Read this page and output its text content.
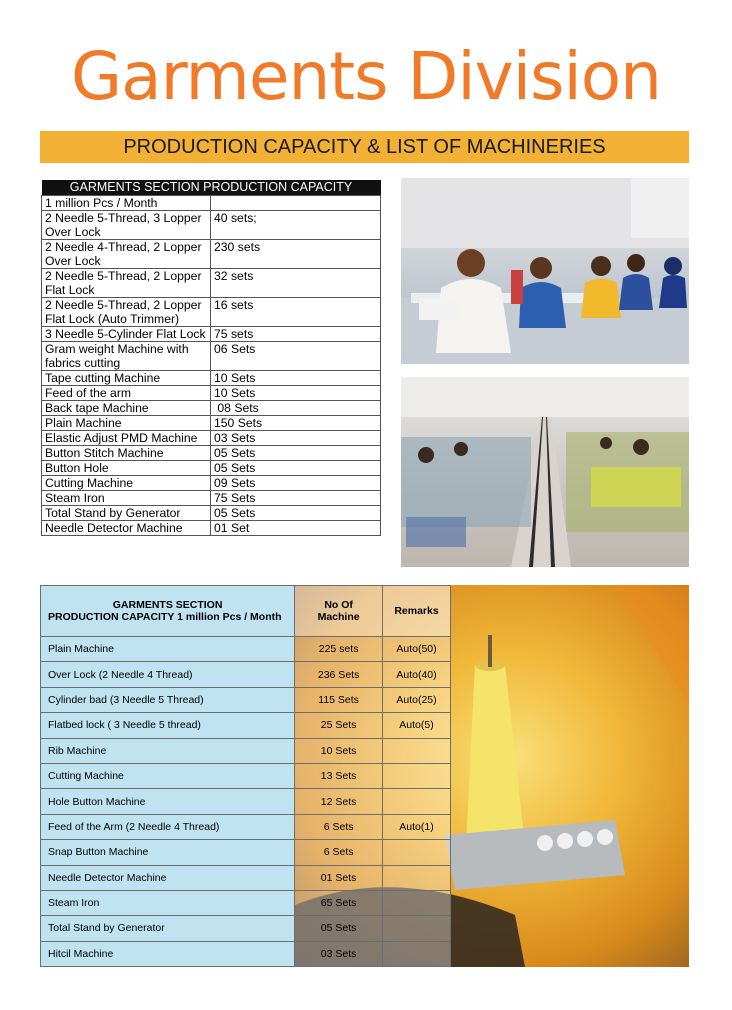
Garments Division
PRODUCTION CAPACITY & LIST OF MACHINERIES
GARMENTS SECTION PRODUCTION CAPACITY	
1 million Pcs / Month	
2 Needle 5-Thread, 3 Lopper Over Lock	40 sets;
2 Needle 4-Thread, 2 Lopper Over Lock	230 sets
2 Needle 5-Thread, 2 Lopper Flat Lock	32 sets
2 Needle 5-Thread, 2 Lopper Flat Lock (Auto Trimmer)	16 sets
3 Needle 5-Cylinder Flat Lock	75 sets
Gram weight Machine with fabrics cutting	06 Sets
Tape cutting Machine	10 Sets
Feed of the arm	10 Sets
Back tape Machine	08 Sets
Plain Machine	150 Sets
Elastic Adjust PMD Machine	03 Sets
Button Stitch Machine	05 Sets
Button Hole	05 Sets
Cutting Machine	09 Sets
Steam Iron	75 Sets
Total Stand by Generator	05 Sets
Needle Detector Machine	01 Set
GARMENTS SECTION
PRODUCTION CAPACITY 1 million Pcs / Month	No Of Machine	Remarks
Plain Machine	225 sets	Auto(50)
Over Lock (2 Needle 4 Thread)	236 Sets	Auto(40)
Cylinder bad (3 Needle 5 Thread)	115 Sets	Auto(25)
Flatbed lock ( 3 Needle 5 thread)	25 Sets	Auto(5)
Rib Machine	10 Sets	
Cutting Machine	13 Sets	
Hole Button Machine	12 Sets	
Feed of the Arm (2 Needle 4 Thread)	6 Sets	Auto(1)
Snap Button Machine	6 Sets	
Needle Detector Machine	01 Sets	
Steam Iron	65 Sets	
Total Stand by Generator	05 Sets	
Hitcil Machine	03 Sets	
